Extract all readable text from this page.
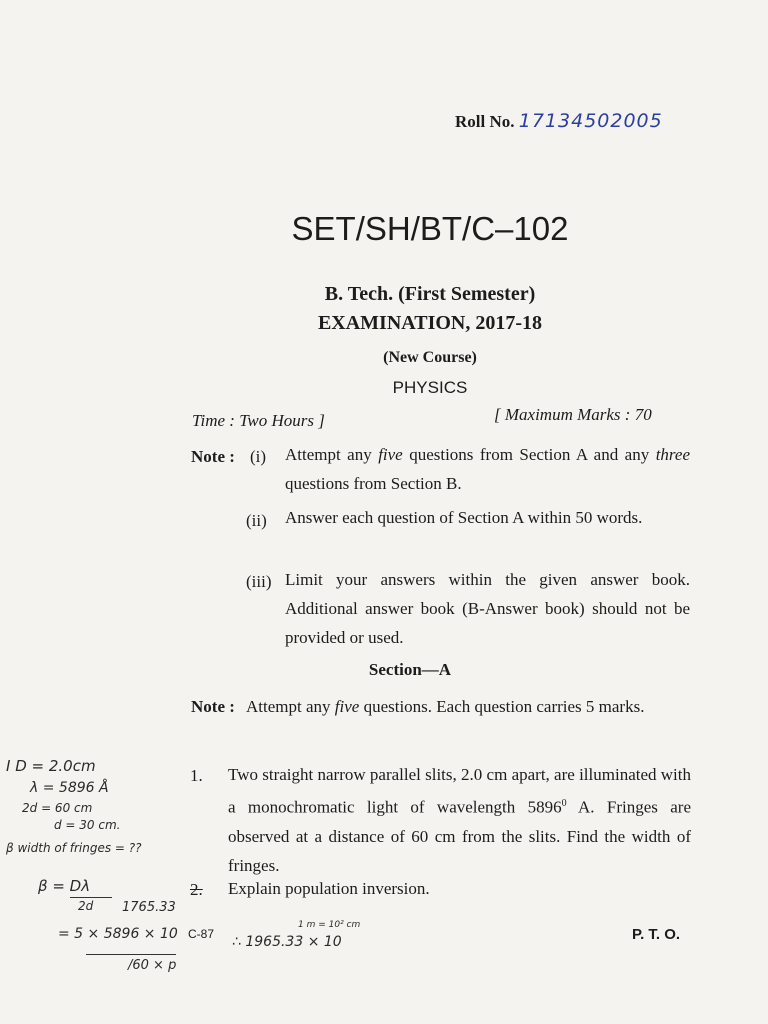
Roll No. 17134502005
SET/SH/BT/C–102
B. Tech. (First Semester)
EXAMINATION, 2017-18
(New Course)
PHYSICS
Time : Two Hours ]	[ Maximum Marks : 70
Note : (i) Attempt any five questions from Section A and any three questions from Section B.
(ii) Answer each question of Section A within 50 words.
(iii) Limit your answers within the given answer book. Additional answer book (B-Answer book) should not be provided or used.
Section—A
Note : Attempt any five questions. Each question carries 5 marks.
1. Two straight narrow parallel slits, 2.0 cm apart, are illuminated with a monochromatic light of wavelength 5896$^0$ A. Fringes are observed at a distance of 60 cm from the slits. Find the width of fringes.
2. Explain population inversion.
C-87	P. T. O.
Ⅰ D = 2.0cm
λ = 5896 Å
2d = 60 cm
d = 30 cm.
β width of fringes = ??
β = Dλ
2d 1765.33
= 5 × 5896 × 10
/60 × p
∴ 1965.33 × 10
1 m = 10² cm
